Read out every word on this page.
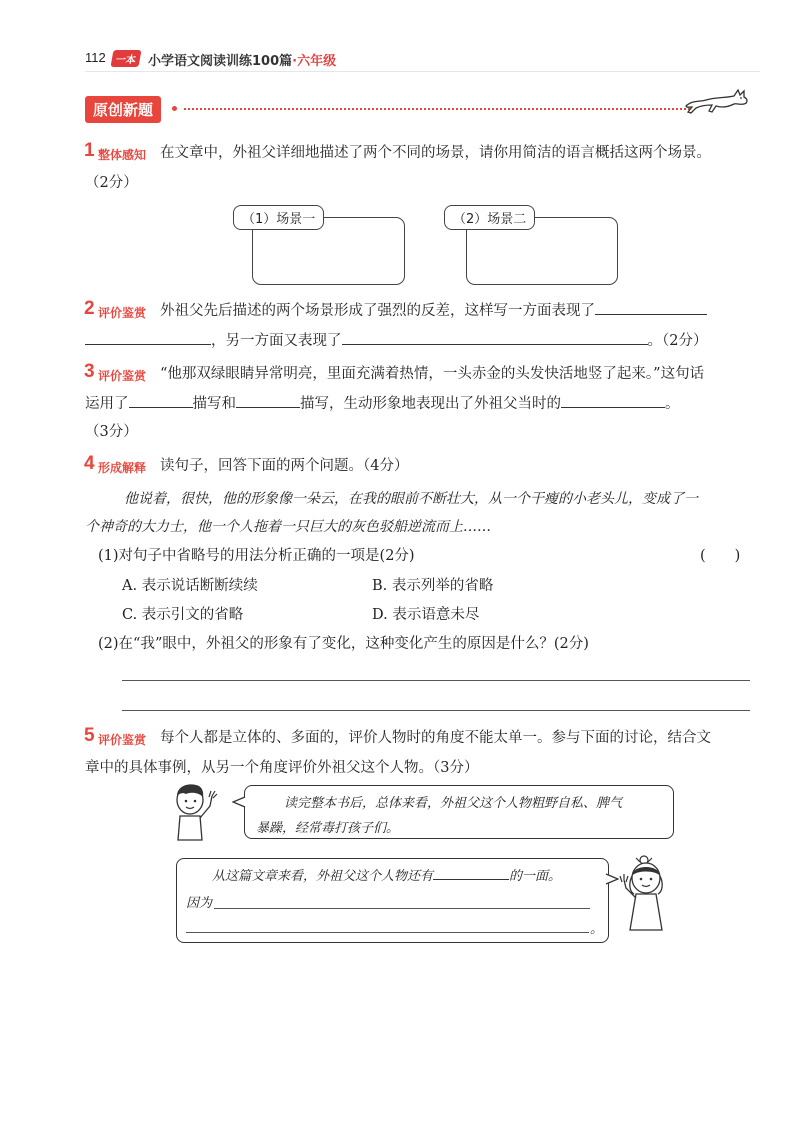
112 一本 小学语文阅读训练100篇·六年级
原创新题
1 整体感知 在文章中，外祖父详细地描述了两个不同的场景，请你用简洁的语言概括这两个场景。
（2分）
（1）场景一	（2）场景二
2 评价鉴赏 外祖父先后描述的两个场景形成了强烈的反差，这样写一方面表现了
，另一方面又表现了	。（2分）
3 评价鉴赏 “他那双绿眼睛异常明亮，里面充满着热情，一头赤金的头发快活地竖了起来。”这句话
运用了	描写和	描写，生动形象地表现出了外祖父当时的	。
（3分）
4 形成解释 读句子，回答下面的两个问题。（4分）
他说着，很快，他的形象像一朵云，在我的眼前不断壮大，从一个干瘦的小老头儿，变成了一
个神奇的大力士，他一个人拖着一只巨大的灰色驳船逆流而上……
(1)对句子中省略号的用法分析正确的一项是(2分)	(　　)
A. 表示说话断断续续	B. 表示列举的省略
C. 表示引文的省略	D. 表示语意未尽
(2)在“我”眼中，外祖父的形象有了变化，这种变化产生的原因是什么？(2分)
5 评价鉴赏 每个人都是立体的、多面的，评价人物时的角度不能太单一。参与下面的讨论，结合文
章中的具体事例，从另一个角度评价外祖父这个人物。（3分）
读完整本书后，总体来看，外祖父这个人物粗野自私、脾气
暴躁，经常毒打孩子们。
从这篇文章来看，外祖父这个人物还有	的一面。
因为
。
